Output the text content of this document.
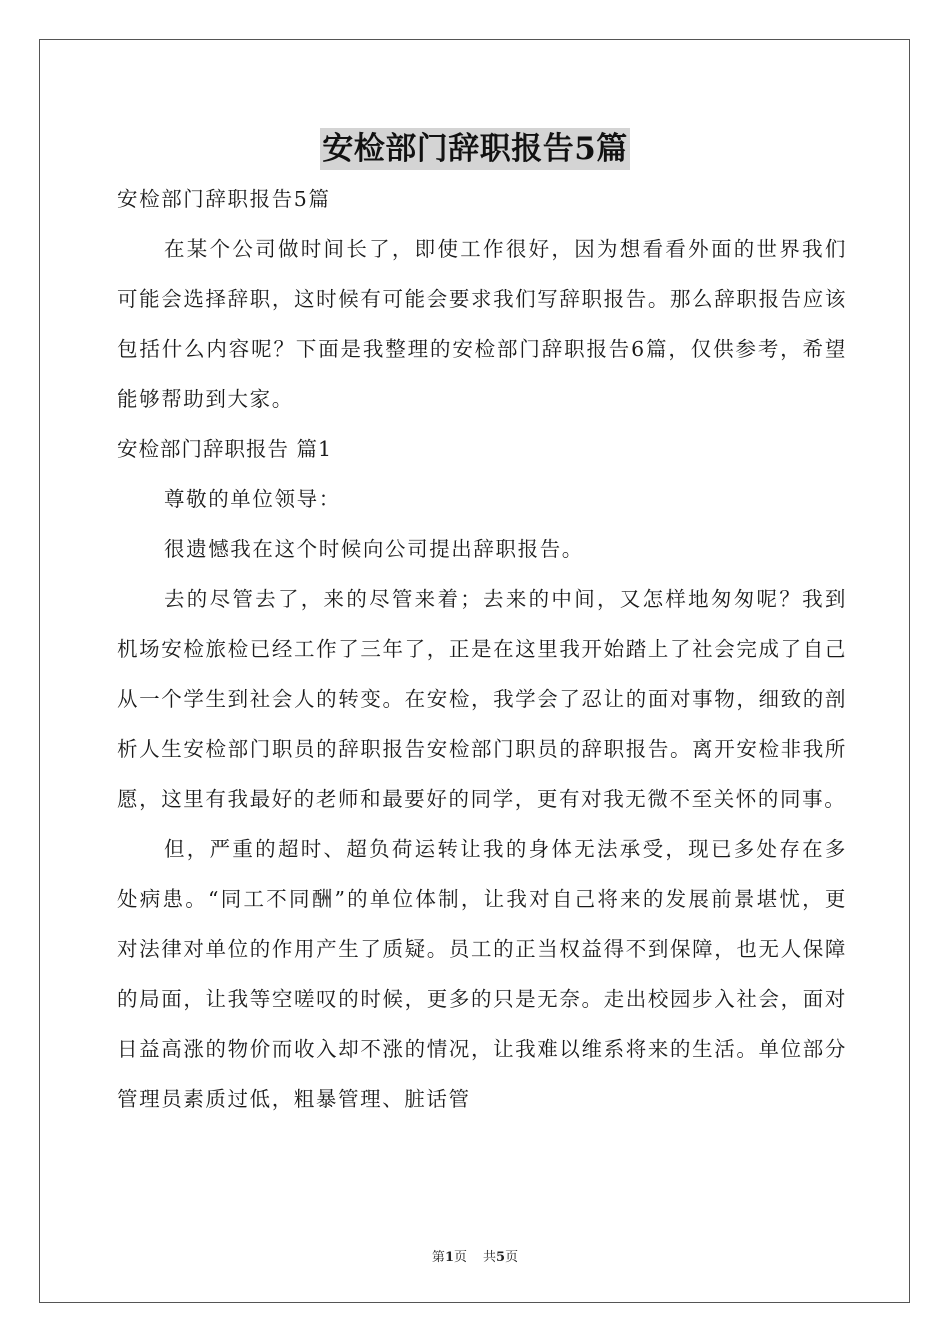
安检部门辞职报告5篇

安检部门辞职报告5篇

在某个公司做时间长了，即使工作很好，因为想看看外面的世界我们可能会选择辞职，这时候有可能会要求我们写辞职报告。那么辞职报告应该包括什么内容呢？下面是我整理的安检部门辞职报告6篇，仅供参考，希望能够帮助到大家。

安检部门辞职报告 篇1

尊敬的单位领导：

很遗憾我在这个时候向公司提出辞职报告。

去的尽管去了，来的尽管来着；去来的中间，又怎样地匆匆呢？我到机场安检旅检已经工作了三年了，正是在这里我开始踏上了社会完成了自己从一个学生到社会人的转变。在安检，我学会了忍让的面对事物，细致的剖析人生安检部门职员的辞职报告安检部门职员的辞职报告。离开安检非我所愿，这里有我最好的老师和最要好的同学，更有对我无微不至关怀的同事。

但，严重的超时、超负荷运转让我的身体无法承受，现已多处存在多处病患。“同工不同酬”的单位体制，让我对自己将来的发展前景堪忧，更对法律对单位的作用产生了质疑。员工的正当权益得不到保障，也无人保障的局面，让我等空嗟叹的时候，更多的只是无奈。走出校园步入社会，面对日益高涨的物价而收入却不涨的情况，让我难以维系将来的生活。单位部分管理员素质过低，粗暴管理、脏话管

第1页 共5页
